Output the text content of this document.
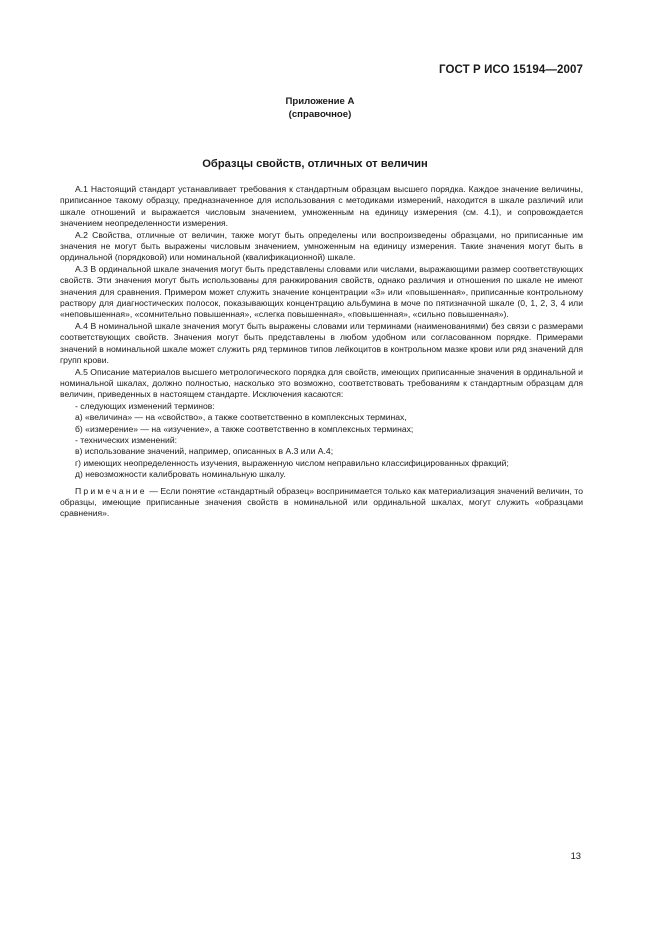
ГОСТ Р ИСО 15194—2007
Приложение А
(справочное)
Образцы свойств, отличных от величин

А.1 Настоящий стандарт устанавливает требования к стандартным образцам высшего порядка. Каждое значение величины, приписанное такому образцу, предназначенное для использования с методиками измерений, находится в шкале различий или шкале отношений и выражается числовым значением, умноженным на единицу измерения (см. 4.1), и сопровождается значением неопределенности измерения.

А.2 Свойства, отличные от величин, также могут быть определены или воспроизведены образцами, но приписанные им значения не могут быть выражены числовым значением, умноженным на единицу измерения. Такие значения могут быть в ординальной (порядковой) или номинальной (квалификационной) шкале.

А.3 В ординальной шкале значения могут быть представлены словами или числами, выражающими размер соответствующих свойств. Эти значения могут быть использованы для ранжирования свойств, однако различия и отношения по шкале не имеют значения для сравнения. Примером может служить значение концентрации «3» или «повышенная», приписанные контрольному раствору для диагностических полосок, показывающих концентрацию альбумина в моче по пятизначной шкале (0, 1, 2, 3, 4 или «неповышенная», «сомнительно повышенная», «слегка повышенная», «повышенная», «сильно повышенная»).

А.4 В номинальной шкале значения могут быть выражены словами или терминами (наименованиями) без связи с размерами соответствующих свойств. Значения могут быть представлены в любом удобном или согласованном порядке. Примерами значений в номинальной шкале может служить ряд терминов типов лейкоцитов в контрольном мазке крови или ряд значений для групп крови.

А.5 Описание материалов высшего метрологического порядка для свойств, имеющих приписанные значения в ординальной и номинальной шкалах, должно полностью, насколько это возможно, соответствовать требованиям к стандартным образцам для величин, приведенных в настоящем стандарте. Исключения касаются:

- следующих изменений терминов:

а) «величина» — на «свойство», а также соответственно в комплексных терминах,

б) «измерение» — на «изучение», а также соответственно в комплексных терминах;

- технических изменений:

в) использование значений, например, описанных в А.3 или А.4;

г) имеющих неопределенность изучения, выраженную числом неправильно классифицированных фракций;

д) невозможности калибровать номинальную шкалу.

Примечание — Если понятие «стандартный образец» воспринимается только как материализация значений величин, то образцы, имеющие приписанные значения свойств в номинальной или ординальной шкалах, могут служить «образцами сравнения».

13
